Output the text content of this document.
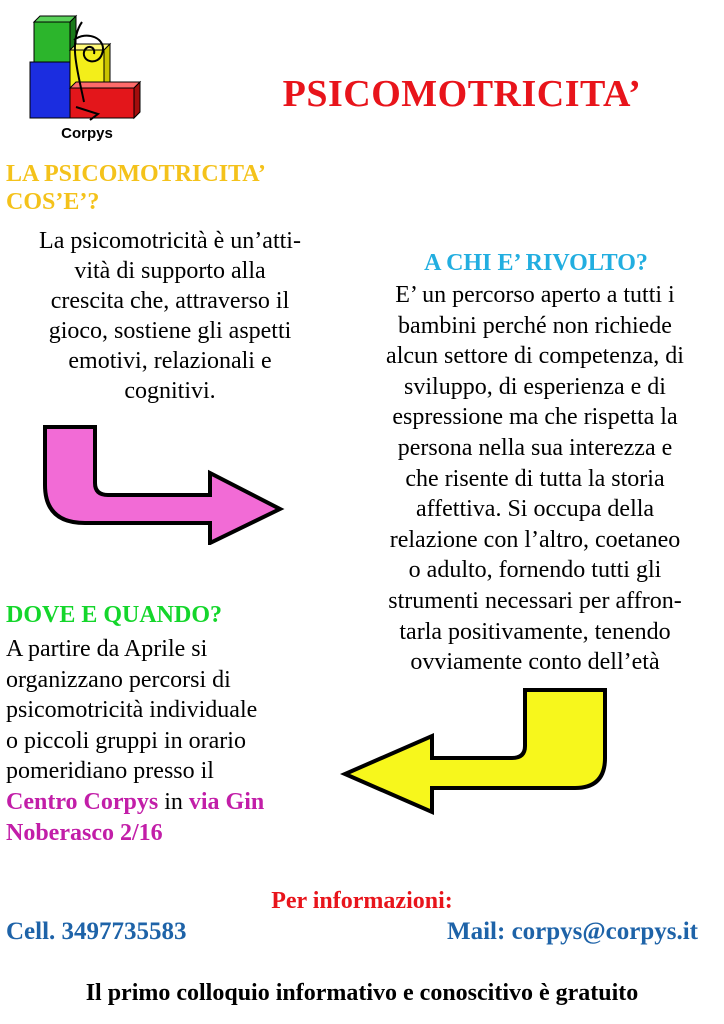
Corpys
PSICOMOTRICITA’
LA PSICOMOTRICITA’
COS’E’?
La psicomotricità è un’atti-
vità di supporto alla
crescita che, attraverso il
gioco, sostiene gli aspetti
emotivi, relazionali e
cognitivi.
A CHI E’ RIVOLTO?
E’ un percorso aperto a tutti i
bambini perché non richiede
alcun settore di competenza, di
sviluppo, di esperienza e di
espressione ma che rispetta la
persona nella sua interezza e
che risente di tutta la storia
affettiva. Si occupa della
relazione con l’altro, coetaneo
o adulto, fornendo tutti gli
strumenti necessari per affron-
tarla positivamente, tenendo
ovviamente conto dell’età
DOVE E QUANDO?
A partire da Aprile si
organizzano percorsi di
psicomotricità individuale
o piccoli gruppi in orario
pomeridiano presso il
Centro Corpys in via Gin
Noberasco 2/16
Per informazioni:
Cell. 3497735583	Mail: corpys@corpys.it
Il primo colloquio informativo e conoscitivo è gratuito
